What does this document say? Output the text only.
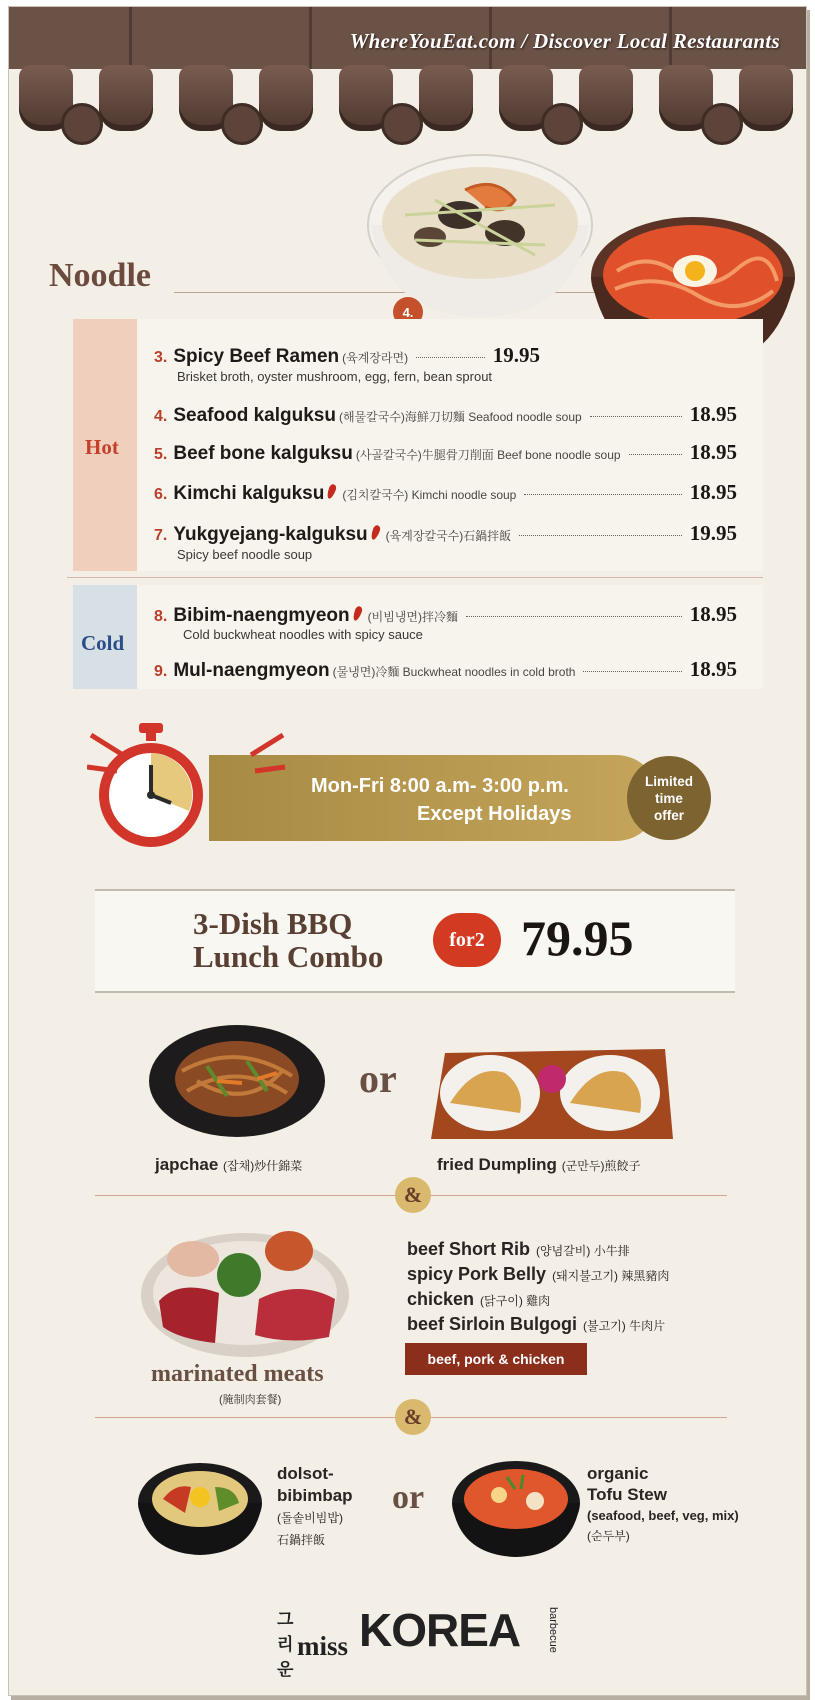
WhereYouEat.com / Discover Local Restaurants
Noodle
4.
Hot
Cold
3. Spicy Beef Ramen (육계장라면)	19.95
Brisket broth, oyster mushroom, egg, fern, bean sprout
4. Seafood kalguksu (해물칼국수)海鮮刀切麵 Seafood noodle soup	18.95
5. Beef bone kalguksu (사골칼국수)牛腿骨刀削面 Beef bone noodle soup	18.95
6. Kimchi kalguksu (김치칼국수) Kimchi noodle soup	18.95
7. Yukgyejang-kalguksu (육계장칼국수)石鍋拌飯	19.95
Spicy beef noodle soup
8. Bibim-naengmyeon (비빔냉면)拌冷麵	18.95
Cold buckwheat noodles with spicy sauce
9. Mul-naengmyeon (물냉면)冷麵 Buckwheat noodles in cold broth	18.95
Mon-Fri 8:00 a.m- 3:00 p.m.
Except Holidays
Limited
time
offer
3-Dish BBQ
Lunch Combo	for2 79.95
or
japchae (잡채)炒什錦菜	fried Dumpling (군만두)煎餃子
&
beef Short Rib (양념갈비) 小牛排
spicy Pork Belly (돼지불고기) 辣黑豬肉
chicken (닭구이) 雞肉
beef Sirloin Bulgogi (불고기) 牛肉片
beef, pork & chicken
marinated meats
(腌制肉套餐)
&
dolsot-
bibimbap
(돌솥비빔밥)
石鍋拌飯
or
organic
Tofu Stew
(seafood, beef, veg, mix)
(순두부)
그리운
miss KOREA barbecue
